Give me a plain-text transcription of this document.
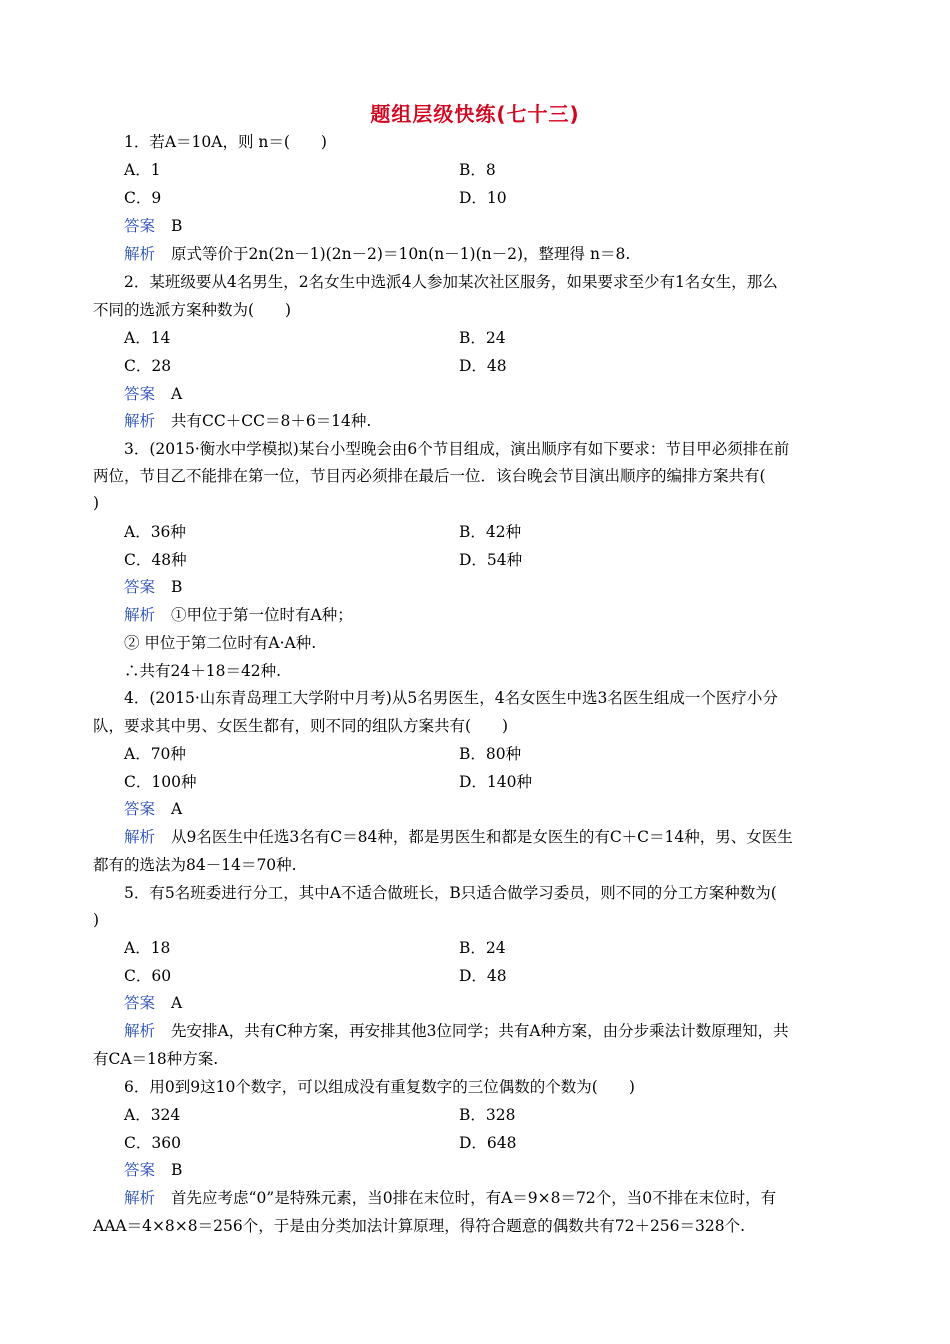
题组层级快练(七十三)
1．若A＝10A，则 n＝(　　)
A．1	B．8
C．9	D．10
答案 B
解析 原式等价于2n(2n－1)(2n－2)＝10n(n－1)(n－2)，整理得 n＝8.
2．某班级要从4名男生，2名女生中选派4人参加某次社区服务，如果要求至少有1名女生，那么
不同的选派方案种数为(　　)
A．14	B．24
C．28	D．48
答案 A
解析 共有CC＋CC＝8＋6＝14种.
3．(2015·衡水中学模拟)某台小型晚会由6个节目组成，演出顺序有如下要求：节目甲必须排在前
两位，节目乙不能排在第一位，节目丙必须排在最后一位．该台晚会节目演出顺序的编排方案共有(
)
A．36种	B．42种
C．48种	D．54种
答案 B
解析 ①甲位于第一位时有A种；
② 甲位于第二位时有A·A种.
∴共有24＋18＝42种.
4．(2015·山东青岛理工大学附中月考)从5名男医生，4名女医生中选3名医生组成一个医疗小分
队，要求其中男、女医生都有，则不同的组队方案共有(　　)
A．70种	B．80种
C．100种	D．140种
答案 A
解析 从9名医生中任选3名有C＝84种，都是男医生和都是女医生的有C＋C＝14种，男、女医生
都有的选法为84－14＝70种.
5．有5名班委进行分工，其中A不适合做班长，B只适合做学习委员，则不同的分工方案种数为(
)
A．18	B．24
C．60	D．48
答案 A
解析 先安排A，共有C种方案，再安排其他3位同学；共有A种方案，由分步乘法计数原理知，共
有CA＝18种方案.
6．用0到9这10个数字，可以组成没有重复数字的三位偶数的个数为(　　)
A．324	B．328
C．360	D．648
答案 B
解析 首先应考虑“0”是特殊元素，当0排在末位时，有A＝9×8＝72个，当0不排在末位时，有
AAA＝4×8×8＝256个，于是由分类加法计算原理，得符合题意的偶数共有72＋256＝328个.
